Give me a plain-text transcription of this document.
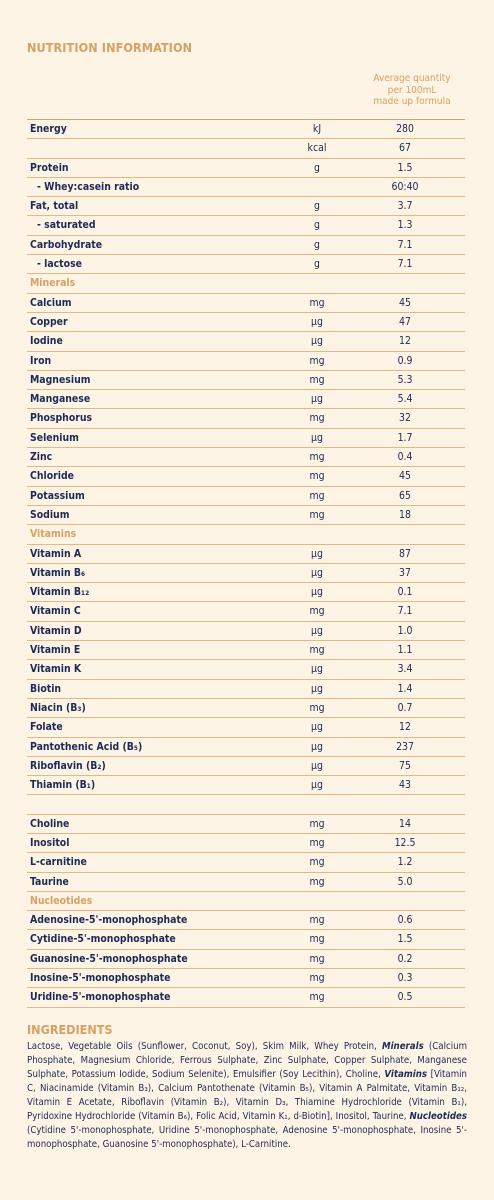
NUTRITION INFORMATION
Average quantity
per 100mL
made up formula
Energy	kJ	280
kcal	67
Protein	g	1.5
- Whey:casein ratio	60:40
Fat, total	g	3.7
- saturated	g	1.3
Carbohydrate	g	7.1
- lactose	g	7.1
Minerals
Calcium	mg	45
Copper	µg	47
Iodine	µg	12
Iron	mg	0.9
Magnesium	mg	5.3
Manganese	µg	5.4
Phosphorus	mg	32
Selenium	µg	1.7
Zinc	mg	0.4
Chloride	mg	45
Potassium	mg	65
Sodium	mg	18
Vitamins
Vitamin A	µg	87
Vitamin B₆	µg	37
Vitamin B₁₂	µg	0.1
Vitamin C	mg	7.1
Vitamin D	µg	1.0
Vitamin E	mg	1.1
Vitamin K	µg	3.4
Biotin	µg	1.4
Niacin (B₃)	mg	0.7
Folate	µg	12
Pantothenic Acid (B₅)	µg	237
Riboflavin (B₂)	µg	75
Thiamin (B₁)	µg	43
Choline	mg	14
Inositol	mg	12.5
L-carnitine	mg	1.2
Taurine	mg	5.0
Nucleotides
Adenosine-5'-monophosphate	mg	0.6
Cytidine-5'-monophosphate	mg	1.5
Guanosine-5'-monophosphate	mg	0.2
Inosine-5'-monophosphate	mg	0.3
Uridine-5'-monophosphate	mg	0.5
INGREDIENTS
Lactose, Vegetable Oils (Sunflower, Coconut, Soy), Skim Milk, Whey Protein, Minerals (Calcium Phosphate, Magnesium Chloride, Ferrous Sulphate, Zinc Sulphate, Copper Sulphate, Manganese Sulphate, Potassium Iodide, Sodium Selenite), Emulsifier (Soy Lecithin), Choline, Vitamins [Vitamin C, Niacinamide (Vitamin B₃), Calcium Pantothenate (Vitamin B₅), Vitamin A Palmitate, Vitamin B₁₂, Vitamin E Acetate, Riboflavin (Vitamin B₂), Vitamin D₃, Thiamine Hydrochloride (Vitamin B₁), Pyridoxine Hydrochloride (Vitamin B₆), Folic Acid, Vitamin K₁, d-Biotin], Inositol, Taurine, Nucleotides (Cytidine 5'-monophosphate, Uridine 5'-monophosphate, Adenosine 5'-monophosphate, Inosine 5'-monophosphate, Guanosine 5'-monophosphate), L-Carnitine.
